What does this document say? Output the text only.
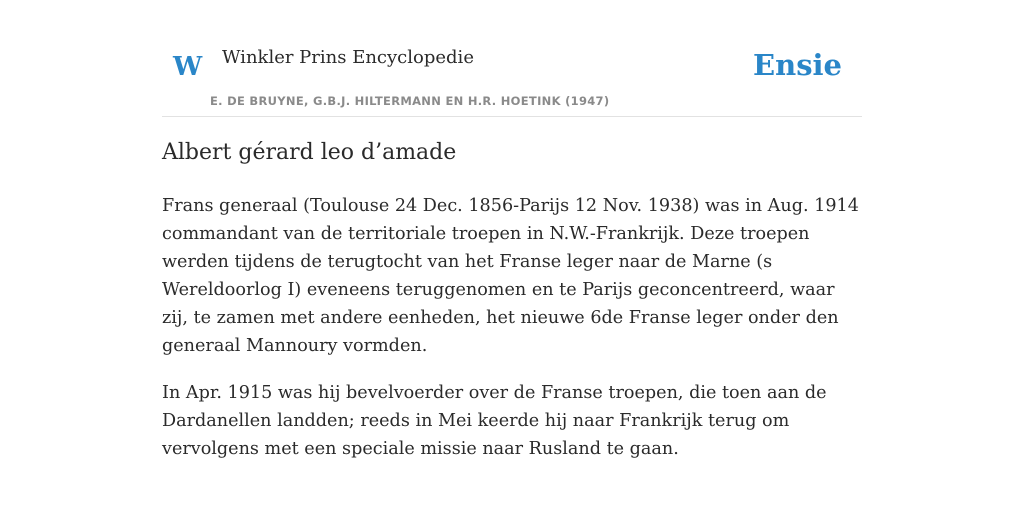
W Winkler Prins Encyclopedie
E. DE BRUYNE, G.B.J. HILTERMANN EN H.R. HOETINK (1947)
Ensie
Albert gérard leo d’amade

Frans generaal (Toulouse 24 Dec. 1856-Parijs 12 Nov. 1938) was in Aug. 1914 commandant van de territoriale troepen in N.W.-Frankrijk. Deze troepen werden tijdens de terugtocht van het Franse leger naar de Marne (s Wereldoorlog I) eveneens teruggenomen en te Parijs geconcentreerd, waar zij, te zamen met andere eenheden, het nieuwe 6de Franse leger onder den generaal Mannoury vormden.

In Apr. 1915 was hij bevelvoerder over de Franse troepen, die toen aan de Dardanellen landden; reeds in Mei keerde hij naar Frankrijk terug om vervolgens met een speciale missie naar Rusland te gaan.
